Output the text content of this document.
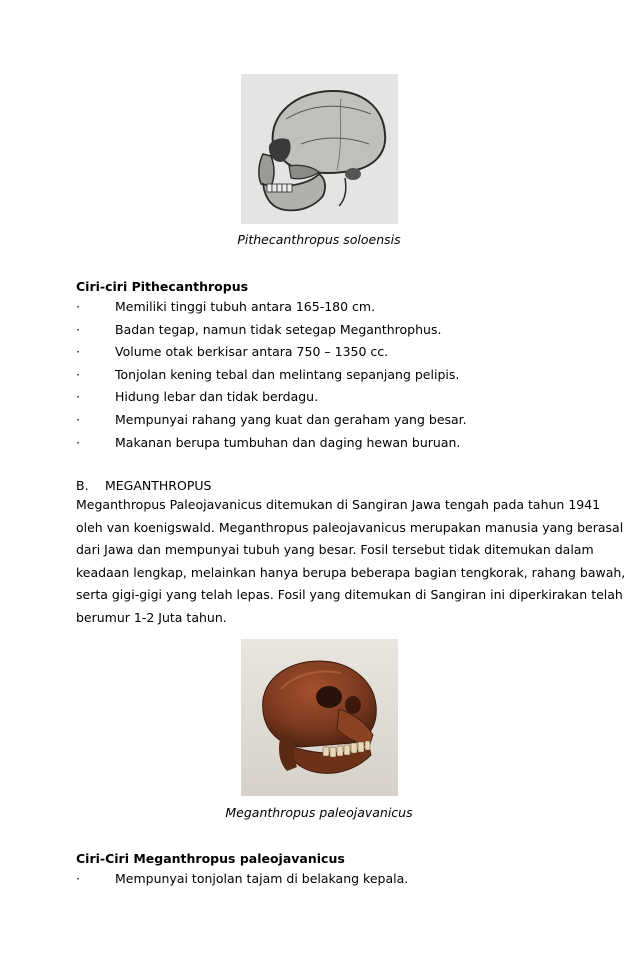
Pithecanthropus soloensis
Ciri-ciri Pithecanthropus
·	Memiliki tinggi tubuh antara 165-180 cm.
·	Badan tegap, namun tidak setegap Meganthrophus.
·	Volume otak berkisar antara 750 – 1350 cc.
·	Tonjolan kening tebal dan melintang sepanjang pelipis.
·	Hidung lebar dan tidak berdagu.
·	Mempunyai rahang yang kuat dan geraham yang besar.
·	Makanan berupa tumbuhan dan daging hewan buruan.
B. MEGANTHROPUS
Meganthropus Paleojavanicus ditemukan di Sangiran Jawa tengah pada tahun 1941
oleh van koenigswald. Meganthropus paleojavanicus merupakan manusia yang berasal
dari Jawa dan mempunyai tubuh yang besar. Fosil tersebut tidak ditemukan dalam
keadaan lengkap, melainkan hanya berupa beberapa bagian tengkorak, rahang bawah,
serta gigi-gigi yang telah lepas. Fosil yang ditemukan di Sangiran ini diperkirakan telah
berumur 1-2 Juta tahun.
Meganthropus paleojavanicus
Ciri-Ciri Meganthropus paleojavanicus
·	Mempunyai tonjolan tajam di belakang kepala.
